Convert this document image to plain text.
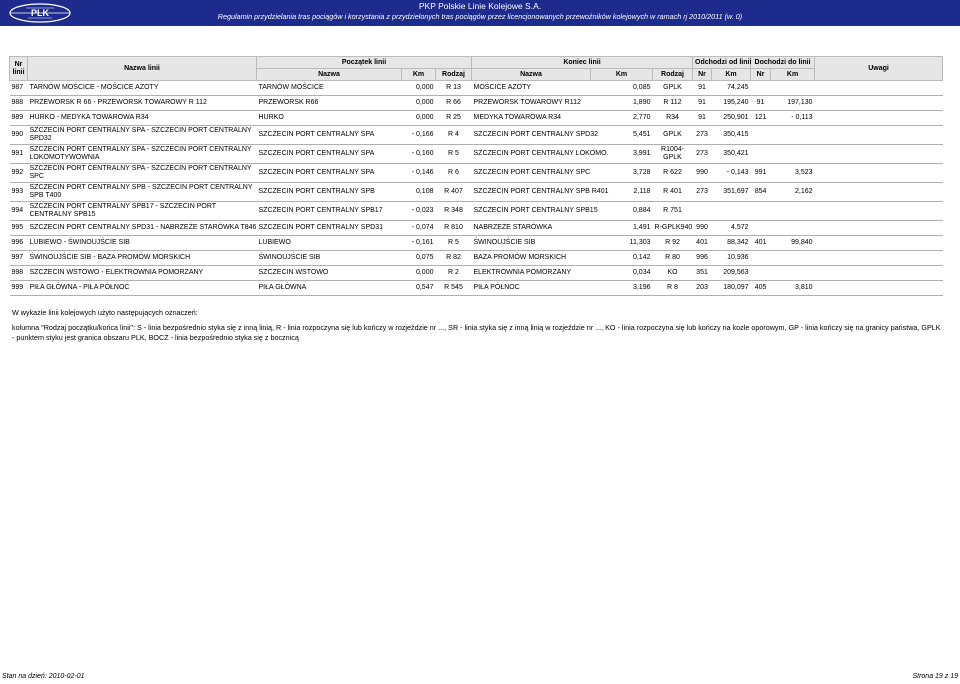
PLK
PKP Polskie Linie Kolejowe S.A.
Regulamin przydzielania tras pociągów i korzystania z przydzielonych tras pociągów przez licencjonowanych przewoźników kolejowych w ramach rj 2010/2011 (w. 0)
Nr linii	Nazwa linii	Początek linii			Koniec linii			Odchodzi od linii		Dochodzi do linii		Uwagi
		Nazwa	Km	Rodzaj	Nazwa	Km	Rodzaj	Nr	Km	Nr	Km	
987	TARNÓW MOŚCICE - MOŚCICE AZOTY	TARNÓW MOŚCICE	0,000	R 13	MOŚCICE AZOTY	0,085	GPLK	91	74,245			
988	PRZEWORSK R 66 - PRZEWORSK TOWAROWY R 112	PRZEWORSK R66	0,000	R 66	PRZEWORSK TOWAROWY R112	1,890	R 112	91	195,240	91	197,130	
989	HURKO - MEDYKA TOWAROWA R34	HURKO	0,000	R 25	MEDYKA TOWAROWA R34	2,770	R34	91	250,901	121	- 0,113	
990	SZCZECIN PORT CENTRALNY SPA - SZCZECIN PORT CENTRALNY SPD32	SZCZECIN PORT CENTRALNY SPA	- 0,166	R 4	SZCZECIN PORT CENTRALNY SPD32	5,451	GPLK	273	350,415			
991	SZCZECIN PORT CENTRALNY SPA - SZCZECIN PORT CENTRALNY LOKOMOTYWOWNIA	SZCZECIN PORT CENTRALNY SPA	- 0,160	R 5	SZCZECIN PORT CENTRALNY LOKOMO.	3,991	R1004-GPLK	273	350,421			
992	SZCZECIN PORT CENTRALNY SPA - SZCZECIN PORT CENTRALNY SPC	SZCZECIN PORT CENTRALNY SPA	- 0,146	R 6	SZCZECIN PORT CENTRALNY SPC	3,728	R 622	990	- 0,143	991	3,523	
993	SZCZECIN PORT CENTRALNY SPB - SZCZECIN PORT CENTRALNY SPB T400	SZCZECIN PORT CENTRALNY SPB	0,108	R 407	SZCZECIN PORT CENTRALNY SPB R401	2,118	R 401	273	351,697	854	2,162	
994	SZCZECIN PORT CENTRALNY SPB17 - SZCZECIN PORT CENTRALNY SPB15	SZCZECIN PORT CENTRALNY SPB17	- 0,023	R 348	SZCZECIN PORT CENTRALNY SPB15	0,884	R 751					
995	SZCZECIN PORT CENTRALNY SPD31 - NABRZEŻE STARÓWKA T846	SZCZECIN PORT CENTRALNY SPD31	- 0,074	R 810	NABRZEŻE STARÓWKA	1,491	R-GPLK940	990	4,572			
996	LUBIEWO - ŚWINOUJŚCIE SIB	LUBIEWO	- 0,161	R 5	ŚWINOUJŚCIE SIB	11,303	R 92	401	88,342	401	99,840	
997	ŚWINOUJŚCIE SIB - BAZA PROMÓW MORSKICH	ŚWINOUJŚCIE SIB	0,075	R 82	BAZA PROMÓW MORSKICH	0,142	R 80	996	10,936			
998	SZCZECIN WSTOWO - ELEKTROWNIA POMORZANY	SZCZECIN WSTOWO	0,000	R 2	ELEKTROWNIA POMORZANY	0,034	KO	351	209,563			
999	PIŁA GŁÓWNA - PIŁA PÓŁNOC	PIŁA GŁÓWNA	0,547	R 545	PIŁA PÓŁNOC	3,196	R 8	203	180,097	405	3,810	
W wykazie linii kolejowych użyto następujących oznaczeń:
kolumna "Rodzaj początku/końca linii": S - linia bezpośrednio styka się z inną linią, R - linia rozpoczyna się lub kończy w rozjeździe nr ..., SR - linia styka się z inną linią w rozjeździe nr ..., KO - linia rozpoczyna się lub kończy na kozle oporowym, GP - linia kończy się na granicy państwa, GPLK - punktem styku jest granica obszaru PLK, BOCZ - linia bezpośrednio styka się z bocznicą
Stan na dzień: 2010-02-01	Strona 19 z 19
